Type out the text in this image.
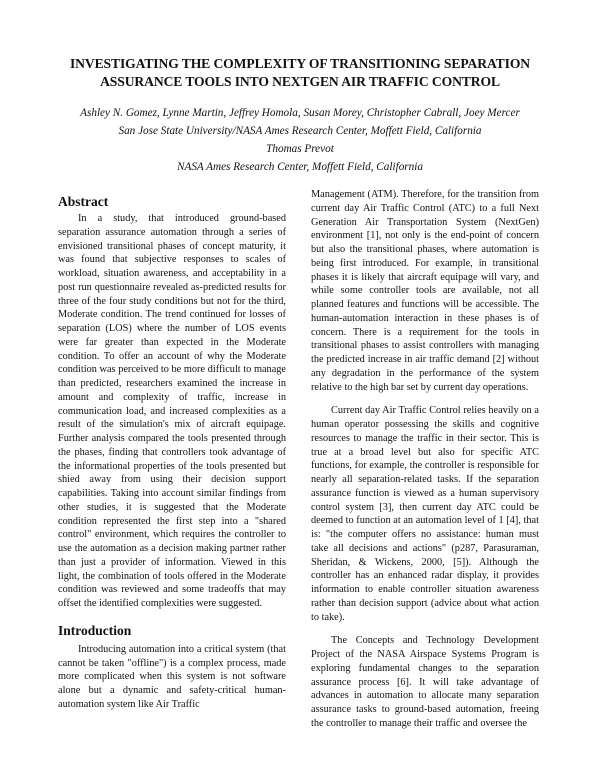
INVESTIGATING THE COMPLEXITY OF TRANSITIONING SEPARATION
ASSURANCE TOOLS INTO NEXTGEN AIR TRAFFIC CONTROL
Ashley N. Gomez, Lynne Martin, Jeffrey Homola, Susan Morey, Christopher Cabrall, Joey Mercer
San Jose State University/NASA Ames Research Center, Moffett Field, California
Thomas Prevot
NASA Ames Research Center, Moffett Field, California
Abstract

In a study, that introduced ground-based separation assurance automation through a series of envisioned transitional phases of concept maturity, it was found that subjective responses to scales of workload, situation awareness, and acceptability in a post run questionnaire revealed as-predicted results for three of the four study conditions but not for the third, Moderate condition. The trend continued for losses of separation (LOS) where the number of LOS events were far greater than expected in the Moderate condition. To offer an account of why the Moderate condition was perceived to be more difficult to manage than predicted, researchers examined the increase in amount and complexity of traffic, increase in communication load, and increased complexities as a result of the simulation's mix of aircraft equipage. Further analysis compared the tools presented through the phases, finding that controllers took advantage of the informational properties of the tools presented but shied away from using their decision support capabilities. Taking into account similar findings from other studies, it is suggested that the Moderate condition represented the first step into a "shared control" environment, which requires the controller to use the automation as a decision making partner rather than just a provider of information. Viewed in this light, the combination of tools offered in the Moderate condition was reviewed and some tradeoffs that may offset the identified complexities were suggested.

Introduction

Introducing automation into a critical system (that cannot be taken "offline") is a complex process, made more complicated when this system is not software alone but a dynamic and safety-critical human-automation system like Air Traffic

Management (ATM). Therefore, for the transition from current day Air Traffic Control (ATC) to a full Next Generation Air Transportation System (NextGen) environment [1], not only is the end-point of concern but also the transitional phases, where automation is being first introduced. For example, in transitional phases it is likely that aircraft equipage will vary, and while some controller tools are available, not all planned features and functions will be accessible. The human-automation interaction in these phases is of concern. There is a requirement for the tools in transitional phases to assist controllers with managing the predicted increase in air traffic demand [2] without any degradation in the performance of the system relative to the high bar set by current day operations.

Current day Air Traffic Control relies heavily on a human operator possessing the skills and cognitive resources to manage the traffic in their sector. This is true at a broad level but also for specific ATC functions, for example, the controller is responsible for nearly all separation-related tasks. If the separation assurance function is viewed as a human supervisory control system [3], then current day ATC could be deemed to function at an automation level of 1 [4], that is: "the computer offers no assistance: human must take all decisions and actions" (p287, Parasuraman, Sheridan, & Wickens, 2000, [5]). Although the controller has an enhanced radar display, it provides information to enable controller situation awareness rather than decision support (advice about what action to take).

The Concepts and Technology Development Project of the NASA Airspace Systems Program is exploring fundamental changes to the separation assurance process [6]. It will take advantage of advances in automation to allocate many separation assurance tasks to ground-based automation, freeing the controller to manage their traffic and oversee the
